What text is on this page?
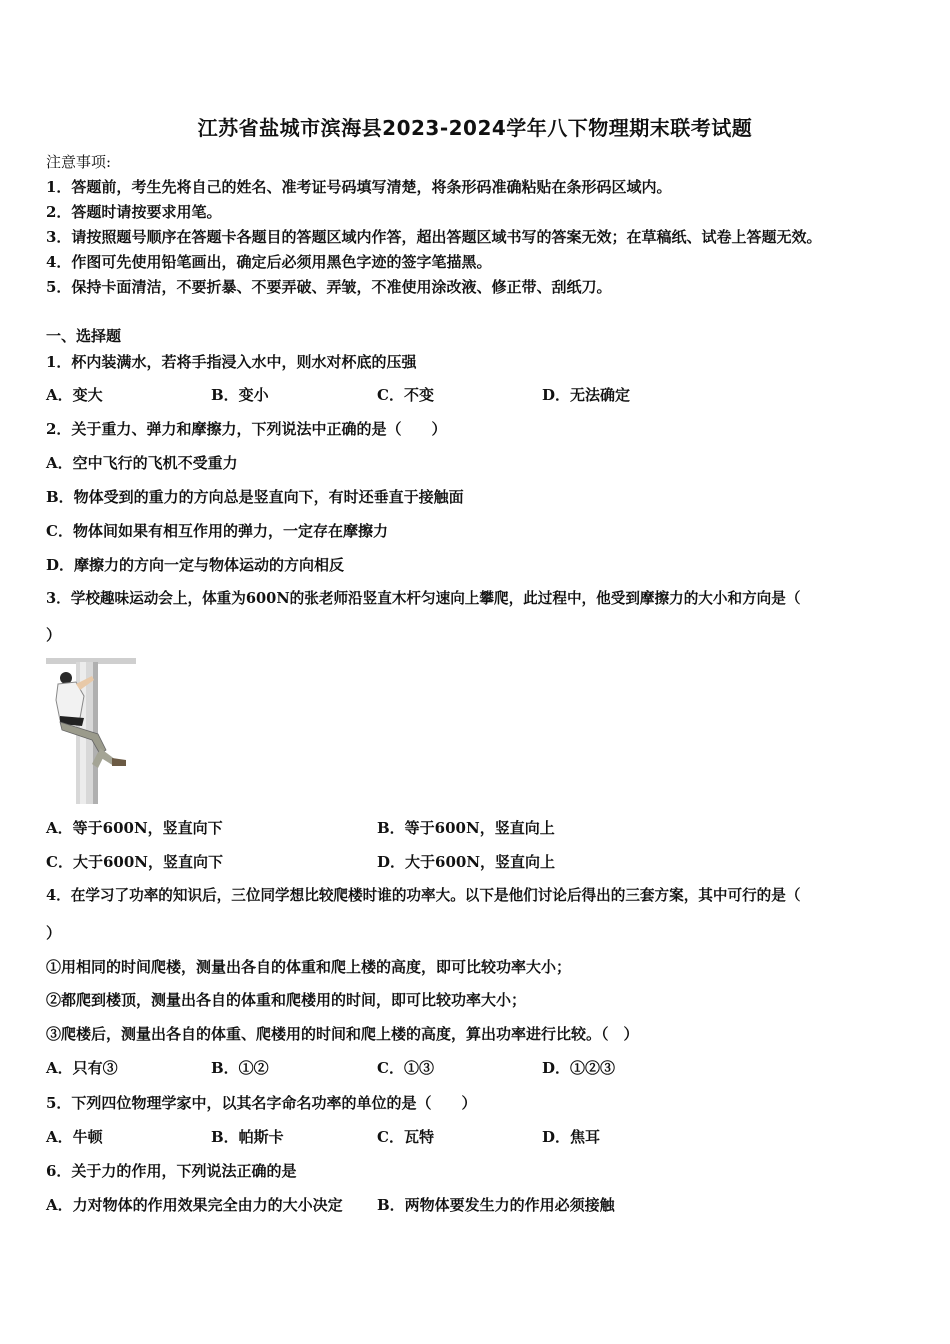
江苏省盐城市滨海县2023-2024学年八下物理期末联考试题
注意事项:
1．答题前，考生先将自己的姓名、准考证号码填写清楚，将条形码准确粘贴在条形码区域内。
2．答题时请按要求用笔。
3．请按照题号顺序在答题卡各题目的答题区域内作答，超出答题区域书写的答案无效；在草稿纸、试卷上答题无效。
4．作图可先使用铅笔画出，确定后必须用黑色字迹的签字笔描黑。
5．保持卡面清洁，不要折暴、不要弄破、弄皱，不准使用涂改液、修正带、刮纸刀。
一、选择题
1．杯内装满水，若将手指浸入水中，则水对杯底的压强
A．变大	B．变小	C．不变	D．无法确定
2．关于重力、弹力和摩擦力，下列说法中正确的是（　　）
A．空中飞行的飞机不受重力
B．物体受到的重力的方向总是竖直向下，有时还垂直于接触面
C．物体间如果有相互作用的弹力，一定存在摩擦力
D．摩擦力的方向一定与物体运动的方向相反
3．学校趣味运动会上，体重为600N的张老师沿竖直木杆匀速向上攀爬，此过程中，他受到摩擦力的大小和方向是（
）
A．等于600N，竖直向下	B．等于600N，竖直向上
C．大于600N，竖直向下	D．大于600N，竖直向上
4．在学习了功率的知识后，三位同学想比较爬楼时谁的功率大。以下是他们讨论后得出的三套方案，其中可行的是（
）
①用相同的时间爬楼，测量出各自的体重和爬上楼的高度，即可比较功率大小；
②都爬到楼顶，测量出各自的体重和爬楼用的时间，即可比较功率大小；
③爬楼后，测量出各自的体重、爬楼用的时间和爬上楼的高度，算出功率进行比较。（　）
A．只有③	B．①②	C．①③	D．①②③
5．下列四位物理学家中，以其名字命名功率的单位的是（　　）
A．牛顿	B．帕斯卡	C．瓦特	D．焦耳
6．关于力的作用，下列说法正确的是
A．力对物体的作用效果完全由力的大小决定 B．两物体要发生力的作用必须接触
